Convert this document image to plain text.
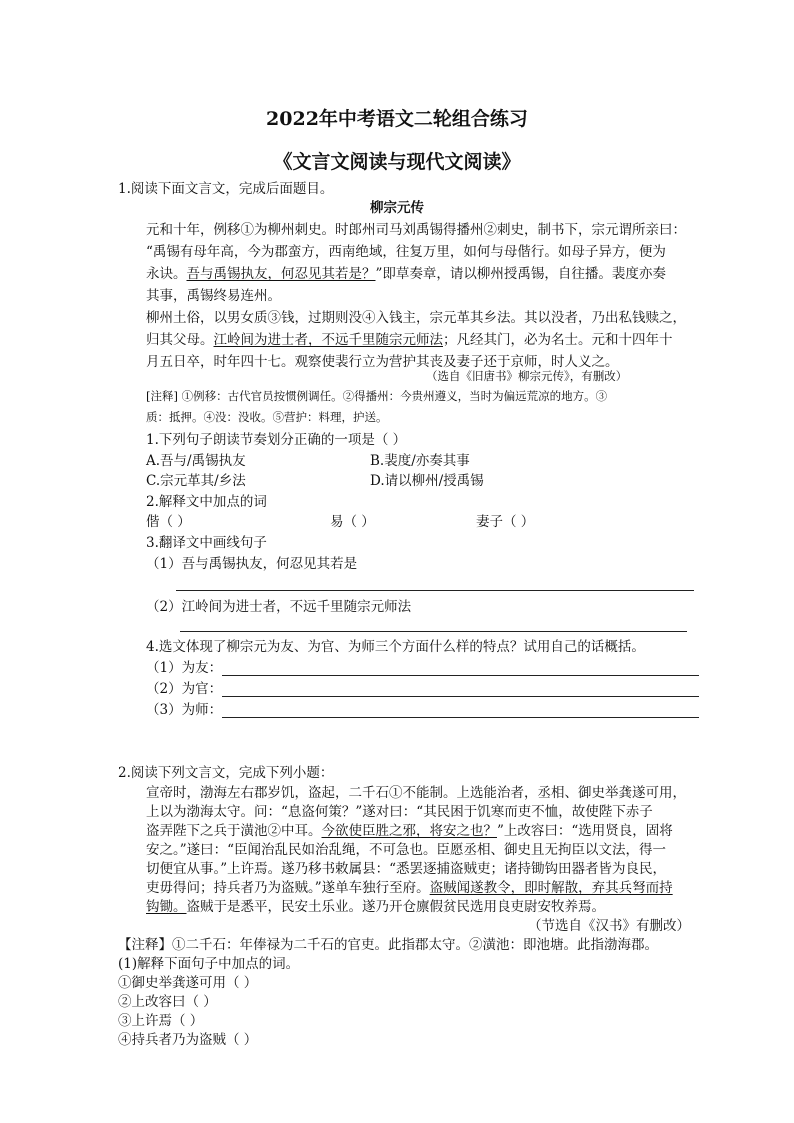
2022年中考语文二轮组合练习
《文言文阅读与现代文阅读》
1.阅读下面文言文，完成后面题目。
柳宗元传
元和十年，例移①为柳州刺史。时郎州司马刘禹锡得播州②刺史，制书下，宗元谓所亲曰：
“禹锡有母年高，今为郡蛮方，西南绝域，往复万里，如何与母偕行。如母子异方，便为
永诀。吾与禹锡执友，何忍见其若是？”即草奏章，请以柳州授禹锡，自往播。裴度亦奏
其事，禹锡终易连州。
柳州土俗，以男女质③钱，过期则没④入钱主，宗元革其乡法。其以没者，乃出私钱赎之，
归其父母。江岭间为进士者，不远千里随宗元师法；凡经其门，必为名士。元和十四年十
月五日卒，时年四十七。观察使裴行立为营护其丧及妻子还于京师，时人义之。
（选自《旧唐书》柳宗元传》，有删改）
[注释] ①例移：古代官员按惯例调任。②得播州：今贵州遵义，当时为偏远荒凉的地方。③
质：抵押。④没：没收。⑤营护：料理，护送。
1.下列句子朗读节奏划分正确的一项是（ ）
A.吾与/禹锡执友	B.裴度/亦奏其事
C.宗元革其/乡法	D.请以柳州/授禹锡
2.解释文中加点的词
偕（ ）	易（ ）	妻子（ ）
3.翻译文中画线句子
（1）吾与禹锡执友，何忍见其若是
（2）江岭间为进士者，不远千里随宗元师法
4.选文体现了柳宗元为友、为官、为师三个方面什么样的特点？试用自己的话概括。
（1）为友：
（2）为官：
（3）为师：
2.阅读下列文言文，完成下列小题：
宣帝时，渤海左右郡岁饥，盗起，二千石①不能制。上选能治者，丞相、御史举龚遂可用，
上以为渤海太守。问：“息盗何策？”遂对曰：“其民困于饥寒而吏不恤，故使陛下赤子
盗弄陛下之兵于潢池②中耳。今欲使臣胜之邪，将安之也？”上改容曰：“选用贤良，固将
安之。”遂曰：“臣闻治乱民如治乱绳，不可急也。臣愿丞相、御史且无拘臣以文法，得一
切便宜从事。”上许焉。遂乃移书敕属县：“悉罢逐捕盗贼吏；诸持锄钩田器者皆为良民，
吏毋得问；持兵者乃为盗贼。”遂单车独行至府。盗贼闻遂教令，即时解散，弃其兵弩而持
钩锄。盗贼于是悉平，民安土乐业。遂乃开仓廪假贫民选用良吏尉安牧养焉。
（节选自《汉书》有删改）
【注释】①二千石：年俸禄为二千石的官吏。此指郡太守。②潢池：即池塘。此指渤海郡。
(1)解释下面句子中加点的词。
①御史举龚遂可用（ ）
②上改容曰（ ）
③上许焉（ ）
④持兵者乃为盗贼（ ）
